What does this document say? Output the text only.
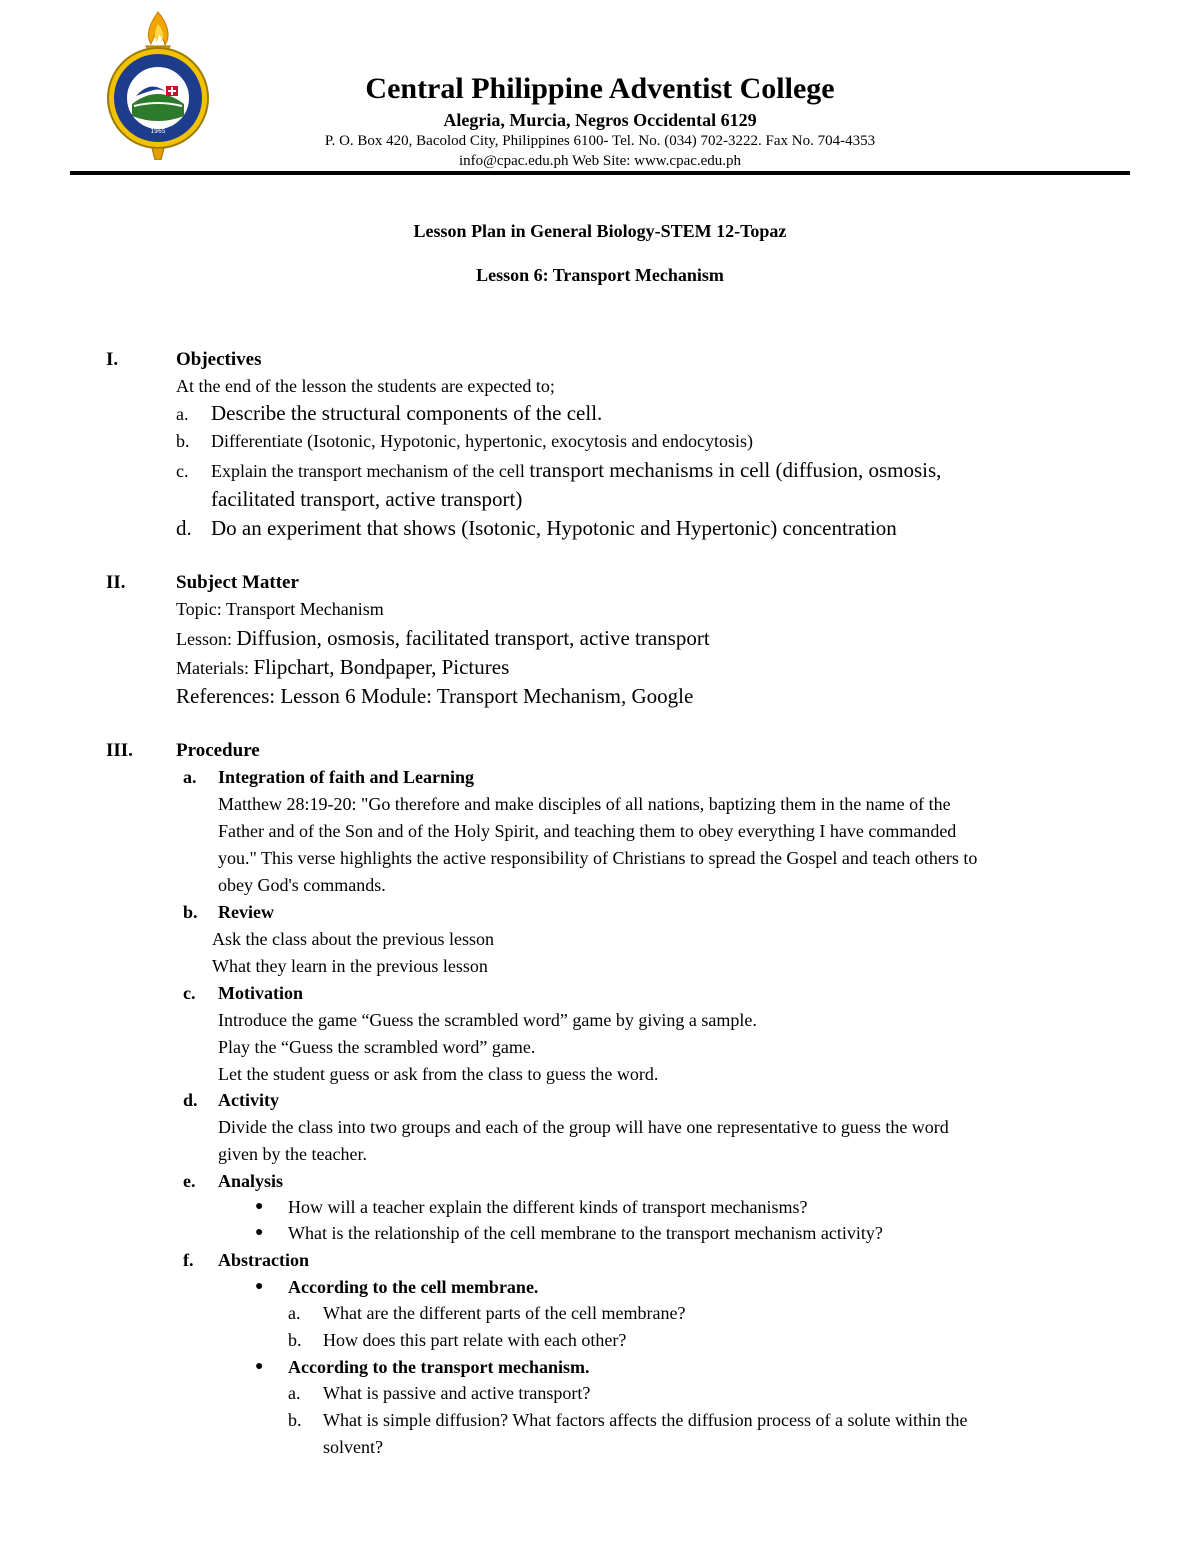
1965
Central Philippine Adventist College
Alegria, Murcia, Negros Occidental 6129
P. O. Box 420, Bacolod City, Philippines 6100- Tel. No. (034) 702-3222. Fax No. 704-4353
info@cpac.edu.ph Web Site: www.cpac.edu.ph
Lesson Plan in General Biology-STEM 12-Topaz
Lesson 6: Transport Mechanism
I.	Objectives
At the end of the lesson the students are expected to;
a. Describe the structural components of the cell.
b. Differentiate (Isotonic, Hypotonic, hypertonic, exocytosis and endocytosis)
c. Explain the transport mechanism of the cell transport mechanisms in cell (diffusion, osmosis,
facilitated transport, active transport)
d. Do an experiment that shows (Isotonic, Hypotonic and Hypertonic) concentration
II.	Subject Matter
Topic: Transport Mechanism
Lesson: Diffusion, osmosis, facilitated transport, active transport
Materials: Flipchart, Bondpaper, Pictures
References: Lesson 6 Module: Transport Mechanism, Google
III. Procedure
a. Integration of faith and Learning
Matthew 28:19-20: "Go therefore and make disciples of all nations, baptizing them in the name of the
Father and of the Son and of the Holy Spirit, and teaching them to obey everything I have commanded
you." This verse highlights the active responsibility of Christians to spread the Gospel and teach others to
obey God's commands.
b. Review
Ask the class about the previous lesson
What they learn in the previous lesson
c. Motivation
Introduce the game “Guess the scrambled word” game by giving a sample.
Play the “Guess the scrambled word” game.
Let the student guess or ask from the class to guess the word.
d. Activity
Divide the class into two groups and each of the group will have one representative to guess the word
given by the teacher.
e. Analysis
● How will a teacher explain the different kinds of transport mechanisms?
● What is the relationship of the cell membrane to the transport mechanism activity?
f. Abstraction
● According to the cell membrane.
a. What are the different parts of the cell membrane?
b. How does this part relate with each other?
● According to the transport mechanism.
a. What is passive and active transport?
b. What is simple diffusion? What factors affects the diffusion process of a solute within the
solvent?
